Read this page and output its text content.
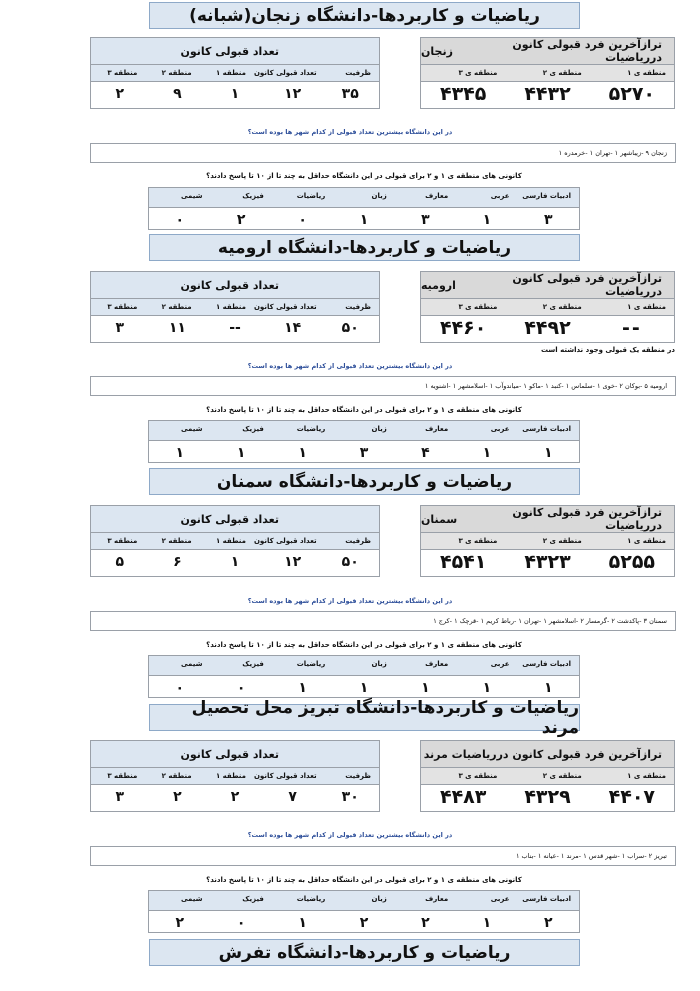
ریاضیات و کاربردها-دانشگاه زنجان(شبانه)
ترازآخرین فرد قبولی کانون درریاضیات

زنجان
منطقه ی ۱
منطقه ی ۲
منطقه ی ۳
۵۲۷۰
۴۴۳۲
۴۳۴۵
تعداد قبولی کانون
ظرفیت
تعداد قبولی کانون
منطقه ۱
منطقه ۲
منطقه ۳
۳۵
۱۲
۱
۹
۲
در این دانشگاه بیشترین تعداد قبولی از کدام شهر ها بوده است؟
زنجان ۹ -زیباشهر ۱ -تهران ۱ -خرمدره ۱
کانونی های منطقه ی ۱ و ۲ برای قبولی در این دانشگاه حداقل به چند تا از ۱۰ تا پاسخ دادند؟
ادبیات فارسی
عربی
معارف
زبان
ریاضیات
فیزیک
شیمی
۳
۱
۳
۱
۰
۲
۰
ریاضیات و کاربردها-دانشگاه ارومیه
ترازآخرین فرد قبولی کانون درریاضیات

ارومیه
منطقه ی ۱
منطقه ی ۲
منطقه ی ۳
--
۴۴۹۲
۴۴۶۰
در منطقه یک قبولی وجود نداشته است
تعداد قبولی کانون
ظرفیت
تعداد قبولی کانون
منطقه ۱
منطقه ۲
منطقه ۳
۵۰
۱۴
--
۱۱
۳
در این دانشگاه بیشترین تعداد قبولی از کدام شهر ها بوده است؟
ارومیه ۵ -بوکان ۲ -خوی ۱ -سلماس ۱ -کنبد ۱ -ماکو ۱ -میاندوآب ۱ -اسلامشهر ۱ -اشنویه ۱
کانونی های منطقه ی ۱ و ۲ برای قبولی در این دانشگاه حداقل به چند تا از ۱۰ تا پاسخ دادند؟
ادبیات فارسی
عربی
معارف
زبان
ریاضیات
فیزیک
شیمی
۱
۱
۴
۳
۱
۱
۱
ریاضیات و کاربردها-دانشگاه سمنان
ترازآخرین فرد قبولی کانون درریاضیات

سمنان
منطقه ی ۱
منطقه ی ۲
منطقه ی ۳
۵۲۵۵
۴۳۲۳
۴۵۴۱
تعداد قبولی کانون
ظرفیت
تعداد قبولی کانون
منطقه ۱
منطقه ۲
منطقه ۳
۵۰
۱۲
۱
۶
۵
در این دانشگاه بیشترین تعداد قبولی از کدام شهر ها بوده است؟
سمنان ۳ -پاکدشت ۲ -گرمسار ۲ -اسلامشهر ۱ -تهران ۱ -رباط کریم ۱ -قرچک ۱ -کرج ۱
کانونی های منطقه ی ۱ و ۲ برای قبولی در این دانشگاه حداقل به چند تا از ۱۰ تا پاسخ دادند؟
ادبیات فارسی
عربی
معارف
زبان
ریاضیات
فیزیک
شیمی
۱
۱
۱
۱
۱
۰
۰
ریاضیات و کاربردها-دانشگاه تبریز محل تحصیل مرند
ترازآخرین فرد قبولی کانون درریاضیات

مرند
منطقه ی ۱
منطقه ی ۲
منطقه ی ۳
۴۴۰۷
۴۳۲۹
۴۴۸۳
تعداد قبولی کانون
ظرفیت
تعداد قبولی کانون
منطقه ۱
منطقه ۲
منطقه ۳
۳۰
۷
۲
۲
۳
در این دانشگاه بیشترین تعداد قبولی از کدام شهر ها بوده است؟
تبریز ۲ -سراب ۱ -شهر قدس ۱ -مرند ۱ -عیانه ۱ -بناب ۱
کانونی های منطقه ی ۱ و ۲ برای قبولی در این دانشگاه حداقل به چند تا از ۱۰ تا پاسخ دادند؟
ادبیات فارسی
عربی
معارف
زبان
ریاضیات
فیزیک
شیمی
۲
۱
۲
۲
۱
۰
۲
ریاضیات و کاربردها-دانشگاه تفرش
